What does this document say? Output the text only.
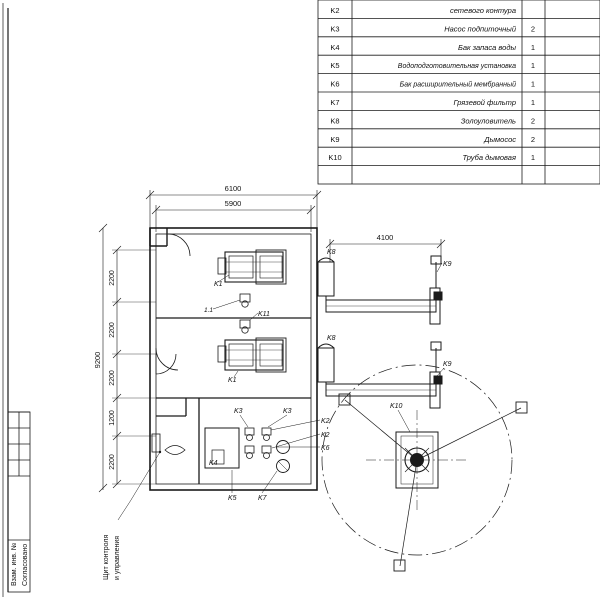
Взам. инв. № Согласовано
K2	сетевого контура
K3	Насос подпиточный 2
K4	Бак запаса воды 1
K5	Водоподготовительная установка 1
K6	Бак расширительный мембранный 1
K7	Грязевой фильтр 1
K8	Золоуловитель 2
K9	Дымосос 2
K10	Труба дымовая 1
K1
K1
K11
1.1
K3	K3
K2
K2
K6
K4
K5	K7
K8
K9
K8
K9
K10
6100
5900
4100
9200
2200
2200
2200
1200
2200
Щит контроля и управления
